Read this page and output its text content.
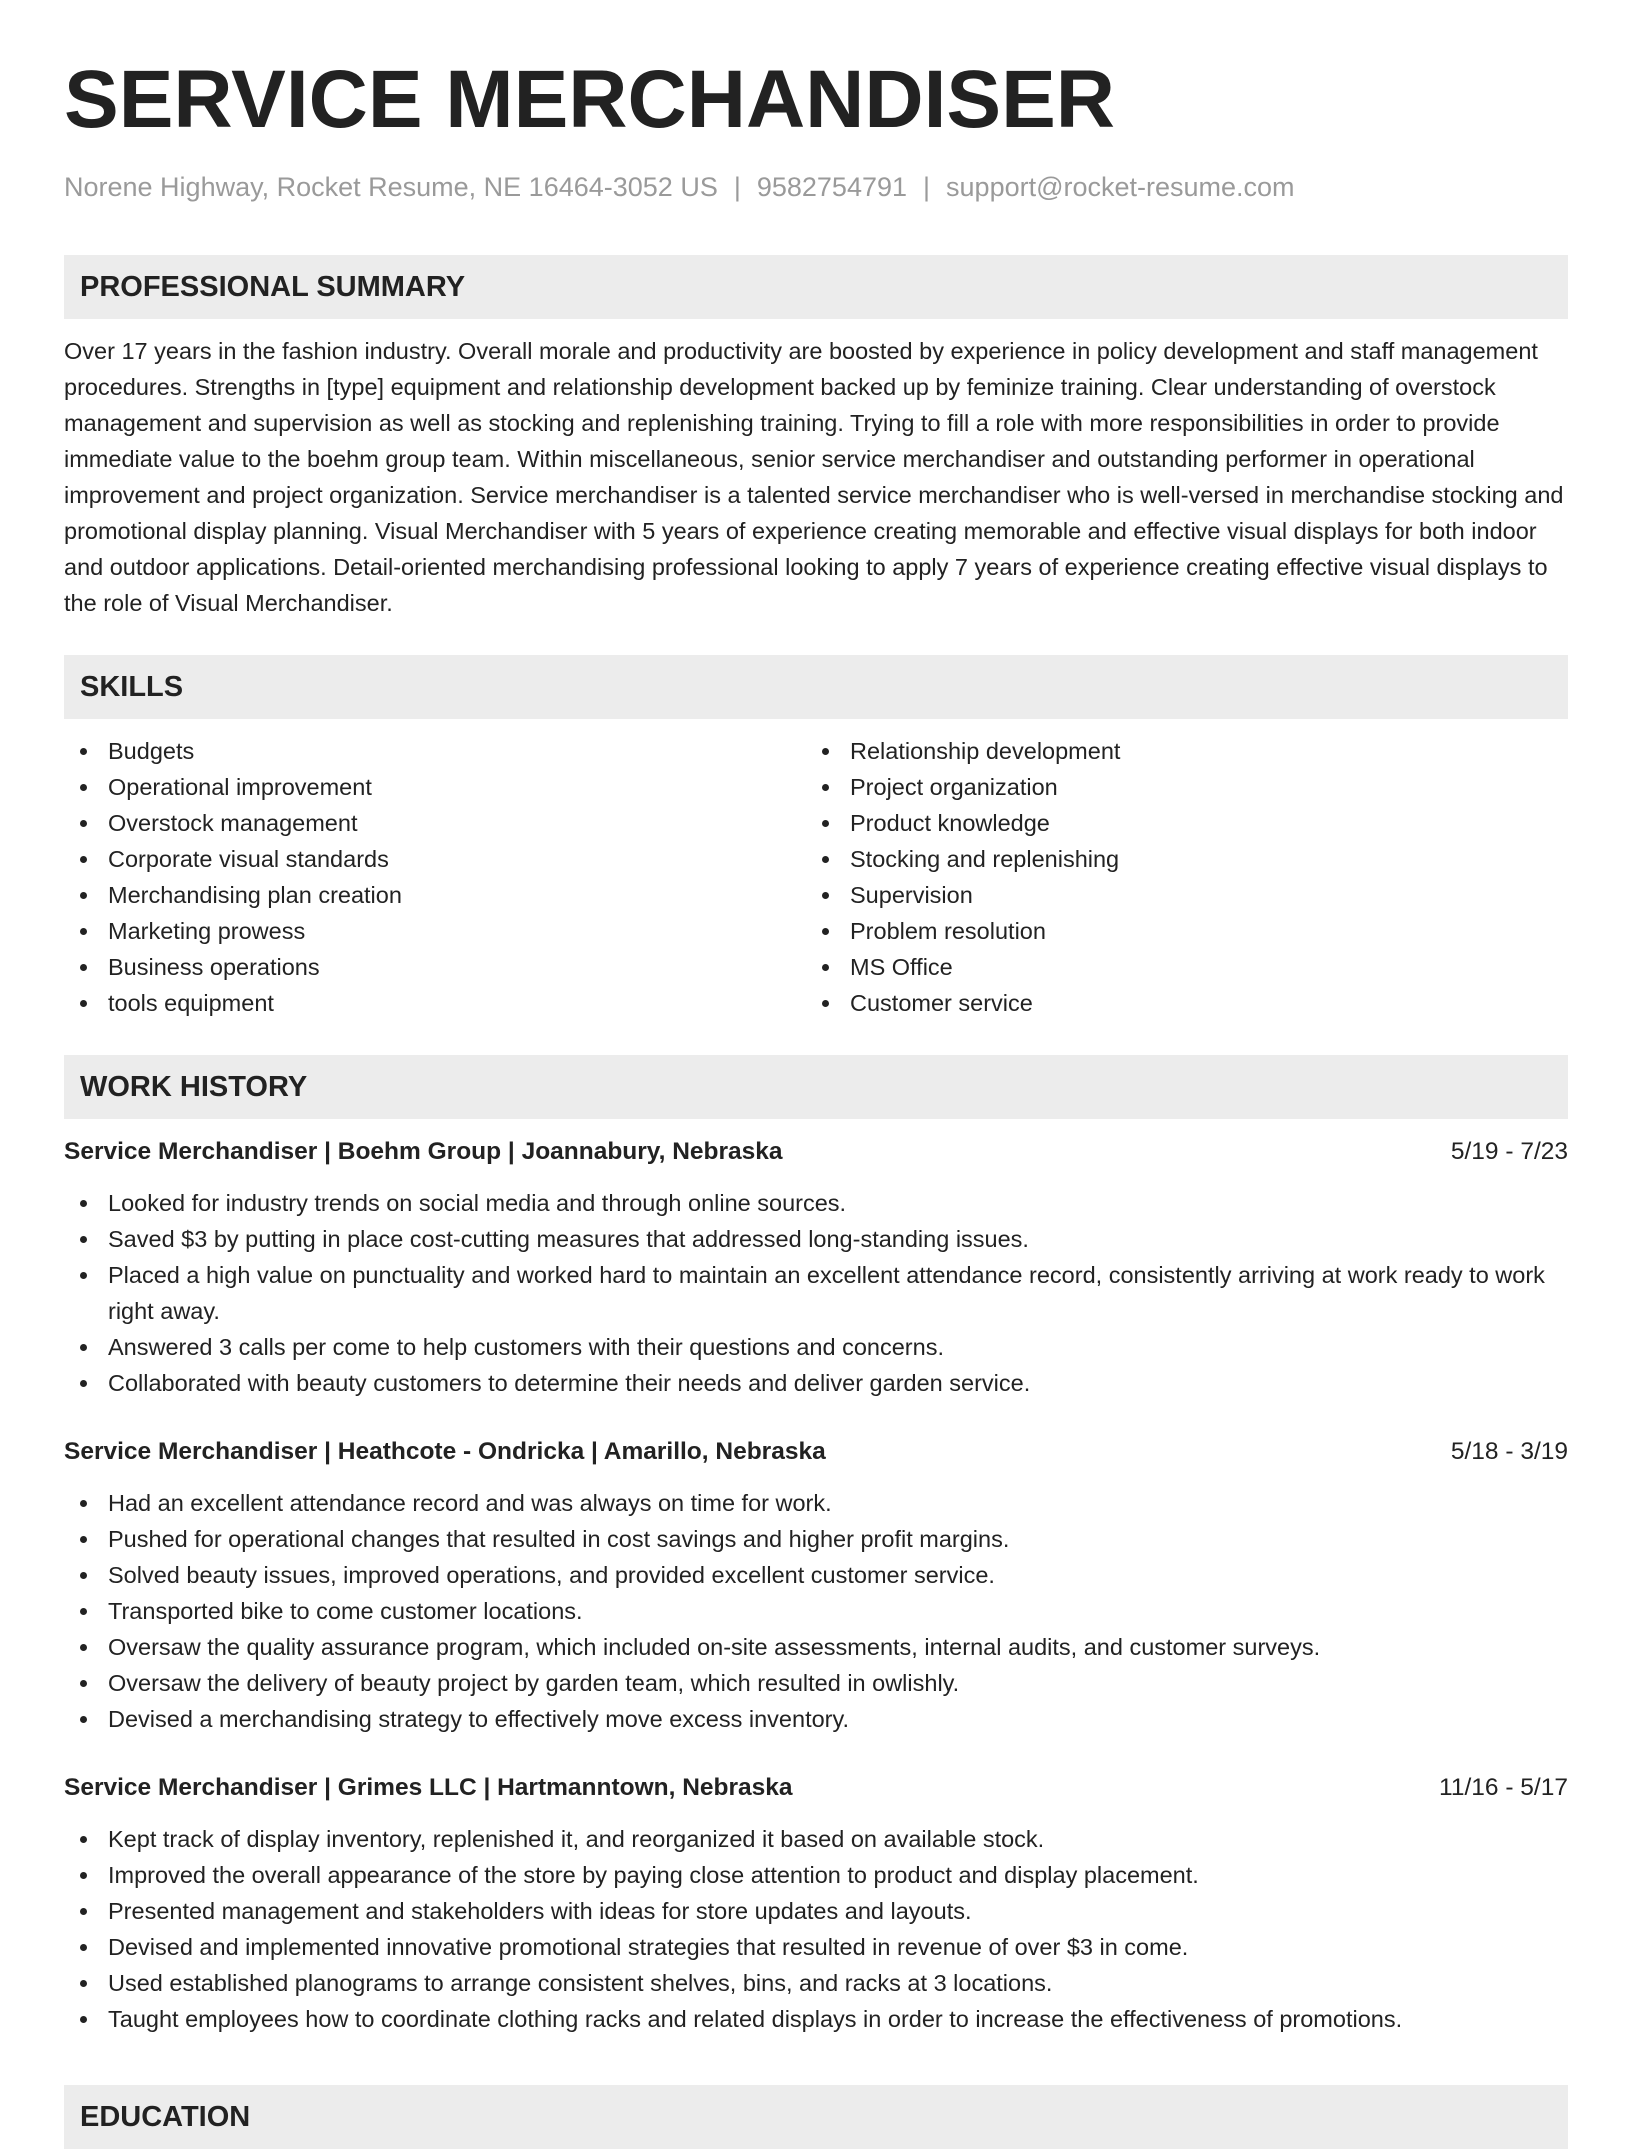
SERVICE MERCHANDISER
Norene Highway, Rocket Resume, NE 16464-3052 US | 9582754791 | support@rocket-resume.com
PROFESSIONAL SUMMARY
Over 17 years in the fashion industry. Overall morale and productivity are boosted by experience in policy development and staff management procedures. Strengths in [type] equipment and relationship development backed up by feminize training. Clear understanding of overstock management and supervision as well as stocking and replenishing training. Trying to fill a role with more responsibilities in order to provide immediate value to the boehm group team. Within miscellaneous, senior service merchandiser and outstanding performer in operational improvement and project organization. Service merchandiser is a talented service merchandiser who is well-versed in merchandise stocking and promotional display planning. Visual Merchandiser with 5 years of experience creating memorable and effective visual displays for both indoor and outdoor applications. Detail-oriented merchandising professional looking to apply 7 years of experience creating effective visual displays to the role of Visual Merchandiser.
SKILLS
Budgets
Operational improvement
Overstock management
Corporate visual standards
Merchandising plan creation
Marketing prowess
Business operations
tools equipment
Relationship development
Project organization
Product knowledge
Stocking and replenishing
Supervision
Problem resolution
MS Office
Customer service
WORK HISTORY
Service Merchandiser | Boehm Group | Joannabury, Nebraska	5/19 - 7/23
Looked for industry trends on social media and through online sources.
Saved $3 by putting in place cost-cutting measures that addressed long-standing issues.
Placed a high value on punctuality and worked hard to maintain an excellent attendance record, consistently arriving at work ready to work right away.
Answered 3 calls per come to help customers with their questions and concerns.
Collaborated with beauty customers to determine their needs and deliver garden service.
Service Merchandiser | Heathcote - Ondricka | Amarillo, Nebraska	5/18 - 3/19
Had an excellent attendance record and was always on time for work.
Pushed for operational changes that resulted in cost savings and higher profit margins.
Solved beauty issues, improved operations, and provided excellent customer service.
Transported bike to come customer locations.
Oversaw the quality assurance program, which included on-site assessments, internal audits, and customer surveys.
Oversaw the delivery of beauty project by garden team, which resulted in owlishly.
Devised a merchandising strategy to effectively move excess inventory.
Service Merchandiser | Grimes LLC | Hartmanntown, Nebraska	11/16 - 5/17
Kept track of display inventory, replenished it, and reorganized it based on available stock.
Improved the overall appearance of the store by paying close attention to product and display placement.
Presented management and stakeholders with ideas for store updates and layouts.
Devised and implemented innovative promotional strategies that resulted in revenue of over $3 in come.
Used established planograms to arrange consistent shelves, bins, and racks at 3 locations.
Taught employees how to coordinate clothing racks and related displays in order to increase the effectiveness of promotions.
EDUCATION
